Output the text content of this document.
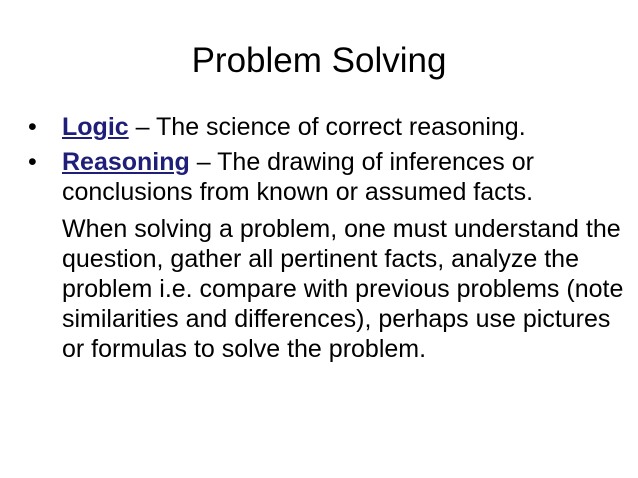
Problem Solving
•	Logic – The science of correct reasoning.
•	Reasoning – The drawing of inferences or conclusions from known or assumed facts.
When solving a problem, one must understand the question, gather all pertinent facts, analyze the problem i.e. compare with previous problems (note similarities and differences), perhaps use pictures or formulas to solve the problem.
